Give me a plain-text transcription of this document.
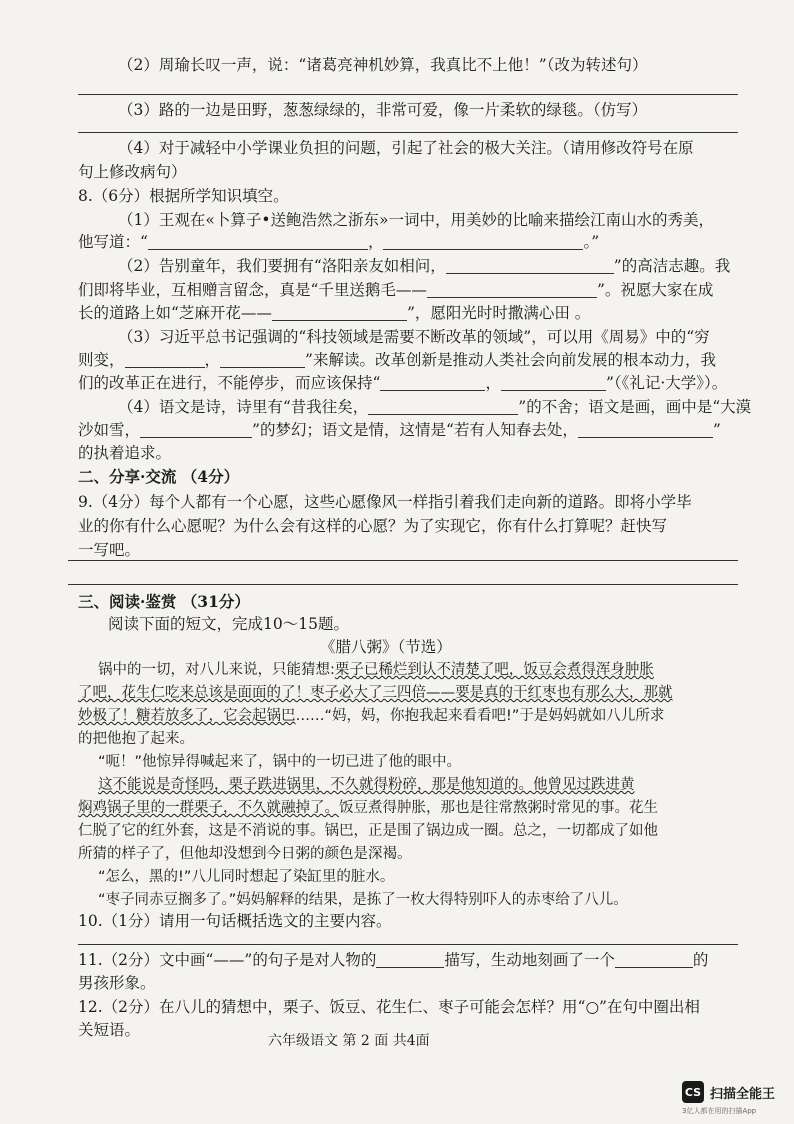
（2）周瑜长叹一声，说：“诸葛亮神机妙算，我真比不上他！”（改为转述句）
（3）路的一边是田野，葱葱绿绿的，非常可爱，像一片柔软的绿毯。（仿写）
（4）对于减轻中小学课业负担的问题，引起了社会的极大关注。（请用修改符号在原
句上修改病句）
8.（6分）根据所学知识填空。
（1）王观在«卜算子•送鲍浩然之浙东»一词中，用美妙的比喻来描绘江南山水的秀美，
他写道：“	，	。”
（2）告别童年，我们要拥有“洛阳亲友如相问，	”的高洁志趣。我
们即将毕业，互相赠言留念，真是“千里送鹅毛——	”。祝愿大家在成
长的道路上如“芝麻开花——	”，愿阳光时时撒满心田 。
（3）习近平总书记强调的“科技领域是需要不断改革的领域”，可以用《周易》中的“穷
则变，	，	”来解读。改革创新是推动人类社会向前发展的根本动力，我
们的改革正在进行，不能停步，而应该保持“	，	”（《礼记·大学》）。
（4）语文是诗，诗里有“昔我往矣，	”的不舍；语文是画，画中是“大漠
沙如雪，	”的梦幻；语文是情，这情是“若有人知春去处，	”
的执着追求。
二、分享·交流 （4分）
9.（4分）每个人都有一个心愿，这些心愿像风一样指引着我们走向新的道路。即将小学毕
业的你有什么心愿呢？为什么会有这样的心愿？为了实现它，你有什么打算呢？赶快写
一写吧。
三、阅读·鉴赏 （31分）
阅读下面的短文，完成10～15题。
《腊八粥》（节选）
锅中的一切，对八儿来说，只能猜想:栗子已稀烂到认不清楚了吧，饭豆会煮得浑身肿胀
了吧，花生仁吃来总该是面面的了！枣子必大了三四倍——要是真的干红枣也有那么大，那就
妙极了！糖若放多了，它会起锅巴……“妈，妈，你抱我起来看看吧!”于是妈妈就如八儿所求
的把他抱了起来。
“呃！”他惊异得喊起来了，锅中的一切已进了他的眼中。
这不能说是奇怪吗，栗子跌进锅里，不久就得粉碎，那是他知道的。他曾见过跌进黄
焖鸡锅子里的一群栗子，不久就融掉了。饭豆煮得肿胀，那也是往常熬粥时常见的事。花生
仁脱了它的红外套，这是不消说的事。锅巴，正是围了锅边成一圈。总之，一切都成了如他
所猜的样子了，但他却没想到今日粥的颜色是深褐。
“怎么，黑的!”八儿同时想起了染缸里的脏水。
“枣子同赤豆搁多了。”妈妈解释的结果，是拣了一枚大得特别吓人的赤枣给了八儿。
10.（1分）请用一句话概括选文的主要内容。
11.（2分）文中画“——”的句子是对人物的	描写，生动地刻画了一个	的
男孩形象。
12.（2分）在八儿的猜想中，栗子、饭豆、花生仁、枣子可能会怎样？用“○”在句中圈出相
关短语。
六年级语文 第 2 面 共4面
CS 扫描全能王
3亿人都在用的扫描App
